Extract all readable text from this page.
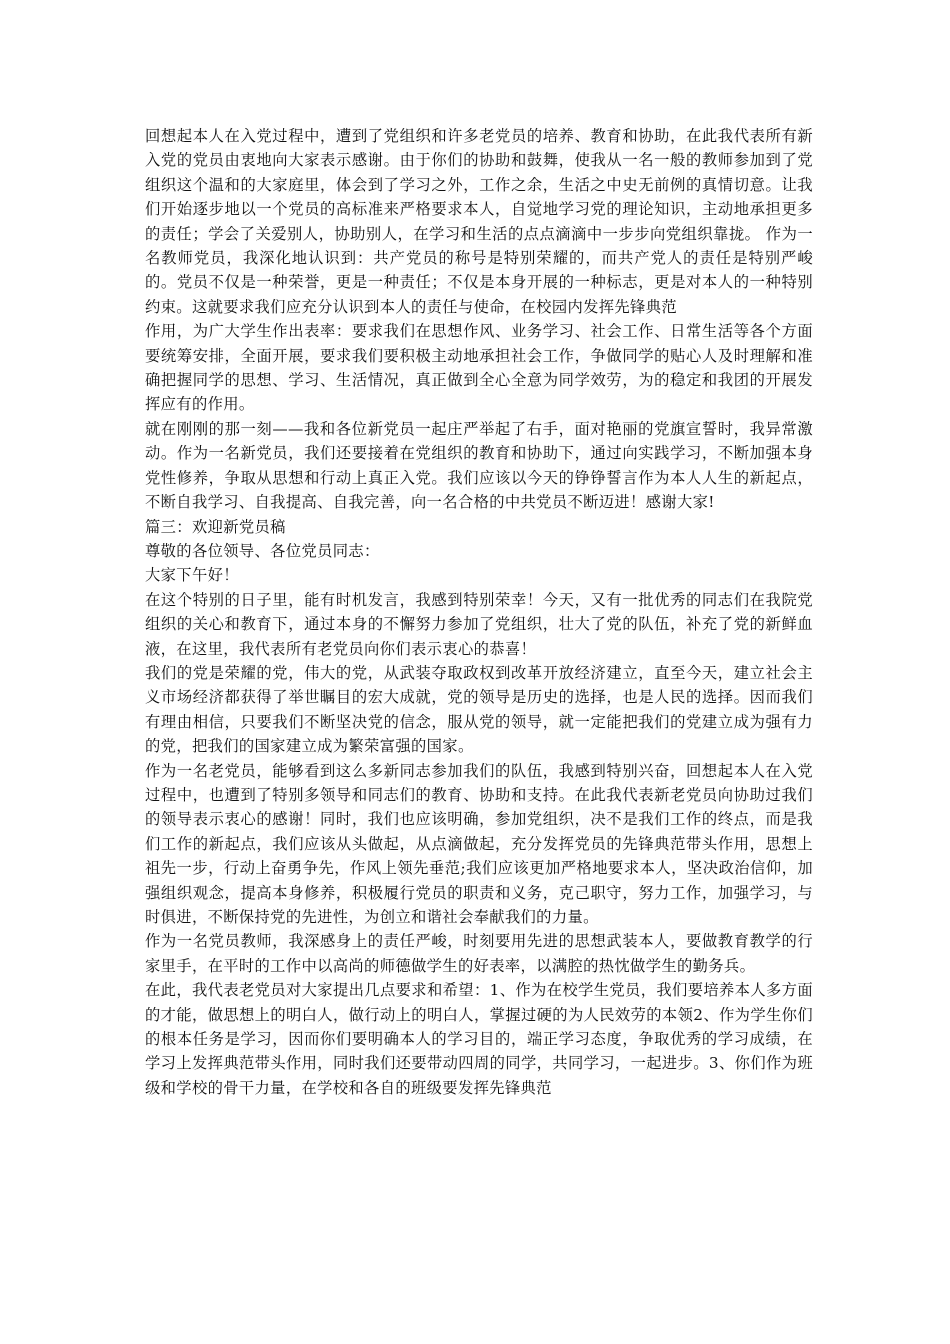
回想起本人在入党过程中，遭到了党组织和许多老党员的培养、教育和协助，在此我代表所有新入党的党员由衷地向大家表示感谢。由于你们的协助和鼓舞，使我从一名一般的教师参加到了党组织这个温和的大家庭里，体会到了学习之外，工作之余，生活之中史无前例的真情切意。让我们开始逐步地以一个党员的高标准来严格要求本人，自觉地学习党的理论知识，主动地承担更多的责任；学会了关爱别人，协助别人，在学习和生活的点点滴滴中一步步向党组织靠拢。 作为一名教师党员，我深化地认识到：共产党员的称号是特别荣耀的，而共产党人的责任是特别严峻的。党员不仅是一种荣誉，更是一种责任；不仅是本身开展的一种标志，更是对本人的一种特别约束。这就要求我们应充分认识到本人的责任与使命，在校园内发挥先锋典范

作用，为广大学生作出表率：要求我们在思想作风、业务学习、社会工作、日常生活等各个方面要统筹安排，全面开展，要求我们要积极主动地承担社会工作，争做同学的贴心人及时理解和准确把握同学的思想、学习、生活情况，真正做到全心全意为同学效劳，为的稳定和我团的开展发挥应有的作用。

就在刚刚的那一刻——我和各位新党员一起庄严举起了右手，面对艳丽的党旗宣誓时，我异常激动。作为一名新党员，我们还要接着在党组织的教育和协助下，通过向实践学习，不断加强本身党性修养，争取从思想和行动上真正入党。我们应该以今天的铮铮誓言作为本人人生的新起点，不断自我学习、自我提高、自我完善，向一名合格的中共党员不断迈进！感谢大家!

篇三：欢迎新党员稿

尊敬的各位领导、各位党员同志：

大家下午好！

在这个特别的日子里，能有时机发言，我感到特别荣幸！今天，又有一批优秀的同志们在我院党组织的关心和教育下，通过本身的不懈努力参加了党组织，壮大了党的队伍，补充了党的新鲜血液，在这里，我代表所有老党员向你们表示衷心的恭喜！

我们的党是荣耀的党，伟大的党，从武装夺取政权到改革开放经济建立，直至今天，建立社会主义市场经济都获得了举世瞩目的宏大成就，党的领导是历史的选择，也是人民的选择。因而我们有理由相信，只要我们不断坚决党的信念，服从党的领导，就一定能把我们的党建立成为强有力的党，把我们的国家建立成为繁荣富强的国家。

作为一名老党员，能够看到这么多新同志参加我们的队伍，我感到特别兴奋，回想起本人在入党过程中，也遭到了特别多领导和同志们的教育、协助和支持。在此我代表新老党员向协助过我们的领导表示衷心的感谢！同时，我们也应该明确，参加党组织，决不是我们工作的终点，而是我们工作的新起点，我们应该从头做起，从点滴做起，充分发挥党员的先锋典范带头作用，思想上祖先一步，行动上奋勇争先，作风上领先垂范;我们应该更加严格地要求本人，坚决政治信仰，加强组织观念，提高本身修养，积极履行党员的职责和义务，克己职守，努力工作，加强学习，与时俱进，不断保持党的先进性，为创立和谐社会奉献我们的力量。

作为一名党员教师，我深感身上的责任严峻，时刻要用先进的思想武装本人，要做教育教学的行家里手，在平时的工作中以高尚的师德做学生的好表率，以满腔的热忱做学生的勤务兵。

在此，我代表老党员对大家提出几点要求和希望：1、作为在校学生党员，我们要培养本人多方面的才能，做思想上的明白人，做行动上的明白人，掌握过硬的为人民效劳的本领2、作为学生你们的根本任务是学习，因而你们要明确本人的学习目的，端正学习态度，争取优秀的学习成绩，在学习上发挥典范带头作用，同时我们还要带动四周的同学，共同学习，一起进步。3、你们作为班级和学校的骨干力量，在学校和各自的班级要发挥先锋典范
